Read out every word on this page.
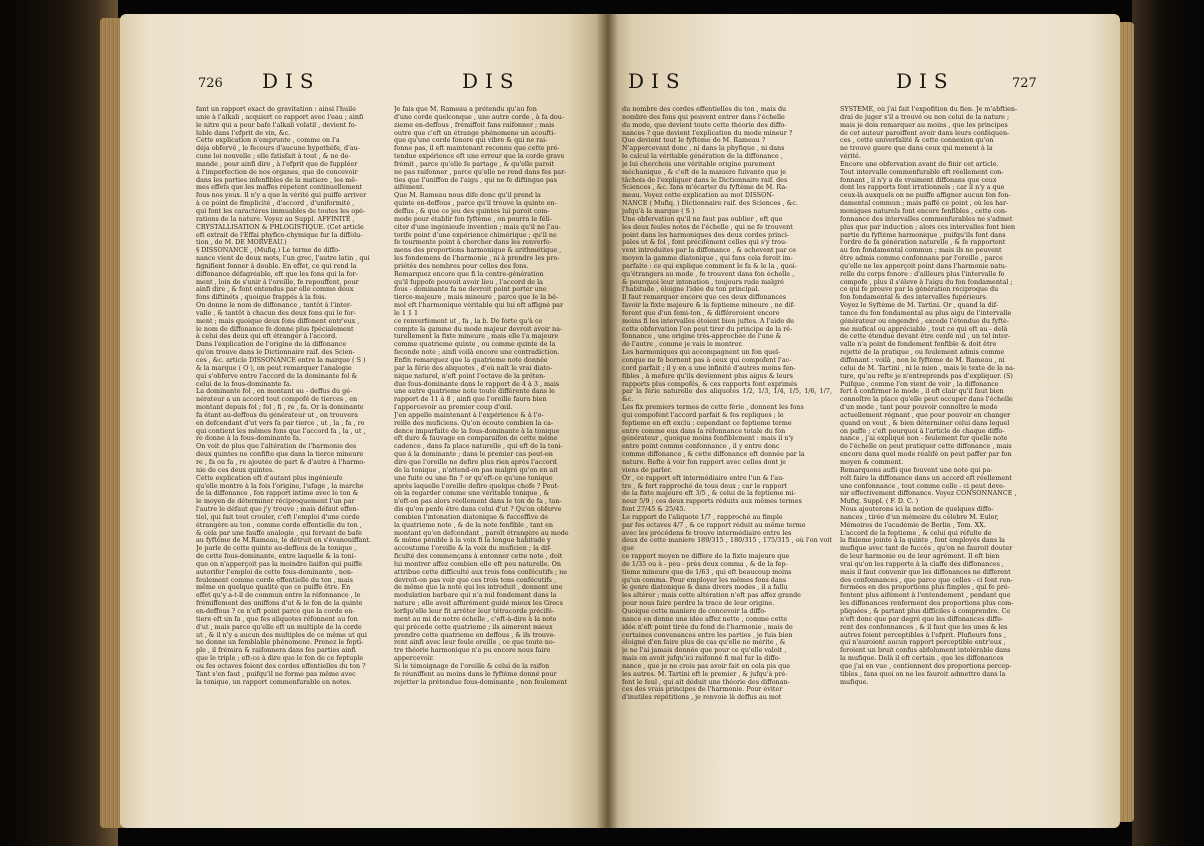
726 DIS	DIS
fant un rapport exact de gravitation : ainsi l'huile
unie à l'alkali , acquiert ce rapport avec l'eau ; ainfi
le nitre qui a pour bafe l'alkali volatil , devient fo-
luble dans l'efprit de vin, &c.
Cette explication n'emprunte , comme on l'a
déja obfervé , le fecours d'aucune hypothèfe, d'au-
cune loi nouvelle ; elle fatisfait à tout , & ne de-
mande , pour ainfi dire , à l'efprit que de fuppléer
à l'imperfection de nos organes, que de concevoir
dans les parties infenfibles de la matiere , les mê-
mes effets que les maffes répetent continuellement
fous nos yeux. Il n'y a que la vérité qui puiffe arriver
à ce point de fimplicité , d'accord , d'uniformité ,
qui font les caractères immuables de toutes les opé-
rations de la nature. Voyez au Suppl. AFFINITÉ ,
CRYSTALLISATION & PHLOGISTIQUE. (Cet article
eft extrait de l'Effai phyfico-chymique fur la diffolu-
tion , de M. DE MORVEAU.)
§ DISSONANCE , (Mufiq.) Le terme de diffo-
nance vient de deux mots, l'un grec, l'autre latin , qui
fignifient fonner à double. En effet, ce qui rend la
diffonance défagréable, eft que les fons qui la for-
ment , loin de s'unir à l'oreille, fe repouffent, pour
ainfi dire , & font entendus par elle comme deux
fons diftinéts , quoique frappés à la fois.
On donne le nom de diffonance , tantôt à l'inter-
valle , & tantôt à chacun des deux fons qui le for-
ment ; mais quoique deux fons diffonent entr'eux ,
le nom de diffonance fe donne plus fpécialement
à celui des deux qui eft étranger à l'accord.
Dans l'explication de l'origine de la diffonance
qu'on trouve dans le Dictionnaire raif. des Scien-
ces , &c. article DISSONANCE entre la marque ( S )
& la marque ( O ), on peut remarquer l'analogie
qui s'obferve entre l'accord de la dominante fol &
celui de la fous-dominante fa.
La dominante fol , en montant au - deffus du gé-
nérateur a un accord tout compofé de tierces , en
montant depuis fol ; fol , fi , re , fa. Or la dominante
fa étant au-deffous du générateur ut , on trouvera
en defcendant d'ut vers fa par tierce , ut , la , fa , re
qui contient les mêmes fons que l'accord fa , la , ut ,
re donne à la fous-dominante fa.
On voit de plus que l'altération de l'harmonie des
deux quintes ne confifte que dans la tierce mineure
re , fa ou fa , re ajoutée de part & d'autre à l'harmo-
nie de ces deux quintes.
Cette explication eft d'autant plus ingénieufe
qu'elle montre à la fois l'origine, l'ufage , la marche
de la diffonance , fon rapport intime avec le ton &
le moyen de déterminer réciproquement l'un par
l'autre le défaut que j'y trouve ; mais défaut effen-
tiel, qui fait tout crouler, c'eft l'emploi d'une corde
étrangère au ton , comme corde effentielle du ton ,
& cela par une fauffe analogie , qui fervant de bafe
au fyftème de M.Rameau, le détruit en s'évanouiffant.
Je parle de cette quinte au-deffous de la tonique ,
de cette fous-dominante, entre laquelle & la toni-
que on n'apperçoit pas la moindre liaifon qui puiffe
autorifer l'emploi de cette fous-dominante , non-
feulement comme corde effentielle du ton , mais
même en quelque qualité que ce puiffe être. En
effet qu'y a-t-il de commun entre la réfonnance , le
frémiffement des uniffons d'ut & le fon de la quinte
en-deffous ? ce n'eft point parce que la corde en-
tiere eft un fa , que fes aliquotes réfonnent au fon
d'ut , mais parce qu'elle eft un multiple de la corde
ut , & il n'y a aucun des multiples de ce même ut qui
ne donne un femblable phénomene. Prenez le fepti-
ple , il frémira & raifonnera dans fes parties ainfi
que le triple ; eft-ce à dire que le fon de ce feptuple
ou fes octaves foient des cordes effentielles du ton ?
Tant s'en faut , puifqu'il ne forme pas même avec
la tonique, un rapport commenfurable en notes.
Je fais que M. Rameau a prétendu qu'au fon
d'une corde quelconque , une autre corde , à fa dou-
zieme en-deffous , frémiffoit fans raifonner ; mais
outre que c'eft un étrange phénomene un acoufti-
que qu'une corde fonore qui vibre & qui ne rai-
fonne pas, il eft maintenant reconnu que cette pré-
tendue expérience eft une erreur que la corde grave
frémit , parce qu'elle fe partage , & qu'elle paroit
ne pas raifonner , parce qu'elle ne rend dans fes par-
ties que l'uniffon de l'aigu , qui ne fe diftingue pas
aifément.
Que M. Rameau nous dife donc qu'il prend la
quinte en-deffous , parce qu'il trouve la quinte en-
deffus , & que ce jeu des quintes lui paroit com-
mode pour établir fon fyftème , on pourra le félí-
citer d'une ingénieufe invention ; mais qu'il ne l'au-
torife point d'une expérience chimérique ; qu'il ne
fe tourmente point à chercher dans les renverfe-
mens des proportions harmonique & arithmétique ,
les fondemens de l'harmonie , ni à prendre les pro-
priétés des nombres pour celles des fons.
Remarquez encore que fi la contre-génération
qu'il fuppofe pouvoit avoir lieu , l'accord de la
fous - dominante fa ne devroit point porter une
tierce-majeure , mais mineure , parce que le la bé-
mol eft l'harmonique véritable qui lui eft affigné par
le 1 1 1
ce renverfement ut , fa , la b. De forte qu'à ce
compte la gamme du mode majeur devroit avoir na-
turellement la fixte mineure , mais elle l'a majeure
comme quatrieme quinte , ou comme quinte de la
feconde note ; ainfi voilà encore une contradiction.
Enfin remarquez que la quatrieme note donnée
par la férie des aliquotes , d'où naît le vrai diato-
nique naturel, n'eft point l'octave de la préten-
due fous-dominante dans le rapport de 4 à 3 , mais
une autre quatrieme note toute différente dans le
rapport de 11 à 8 , ainfi que l'oreille faura bien
l'appercevoir au premier coup d'œil.
J'en appelle maintenant à l'expérience & à l'o-
reille des muficiens. Qu'on écoute combien la ca-
dence imparfaite de la fous-dominante à la tonique
eft dure & fauvage en comparaifon de cette même
cadence , dans fa place naturelle , qui eft de la toni-
que à la dominante ; dans le premier cas peut-on
dire que l'oreille ne defire plus rien après l'accord
de la tonique , n'attend-on pas malgré qu'on en ait
une fuite ou une fin ? or qu'eft-ce qu'une tonique
après laquelle l'oreille defire quelque chofe ? Peut-
on la regarder comme une véritable tonique , &
n'eft-on pas alors réellement dans le ton de fa , tan-
dis qu'on penfe être dans celui d'ut ? Qu'on obferve
combien l'intonation diatonique & fucceffive de
la quatrieme note , & de la note fenfible , tant en
montant qu'en defcendant , paroît étrangère au mode
& même pénible à la voix fi la longue habitude y
accoutume l'oreille & la voix du muficien ; la dif-
ficulté des commençans à entonner cette note , doit
lui montrer affez combien elle eft peu naturelle. On
attribue cette difficulté aux trois fons confécutifs ; ne
devroit-on pas voir que ces trois tons confécutifs ,
de même que la note qui les introduit , donnent une
modulation barbare qui n'a nul fondement dans la
nature ; elle avoit affurément guidé mieux les Grecs
lorfqu'elle leur fit arrêter leur tétracorde précifé-
ment au mi de notre échelle , c'eft-à-dire à la note
qui précede cette quatrieme ; ils aimerent mieux
prendre cette quatrieme en deffous , & ils trouve-
rent ainfi avec leur feule oreille , ce que toute no-
tre théorie harmonique n'a pu encore nous faire
appercevoir.
Si le témoignage de l'oreille & celui de la raifon
fe réuniffent au moins dans le fyftème donné pour
rejetter la prétendue fous-dominante , non feulement
DIS	DIS	727
du nombre des cordes effentielles du ton , mais du
nombre des fons qui peuvent entrer dans l'échelle
du mode, que devient toute cette théorie des diffo-
nances ? que devient l'explication du mode mineur ?
Que devient tout le fyftème de M. Rameau ?
N'appercevant donc , ni dans la phyfique , ni dans
le calcul la véritable génération de la diffonance ,
je lui cherchois une véritable origine purement
méchanique , & c'eft de la maniere fuivante que je
tâchois de l'expliquer dans le Dictionnaire raif. des
Sciences , &c. fans m'écarter du fyftème de M. Ra-
meau. Voyez cette explication au mot DISSON-
NANCE ( Mufiq. ) Dictionnaire raif. des Sciences , &c.
jufqu'à la marque ( S )
Une obfervation qu'il ne faut pas oublier , eft que
les deux feules notes de l'échelle , qui ne fe trouvent
point dans les harmoniques des deux cordes princi-
pales ut & fol , font précifément celles qui s'y trou-
vent introduites par la diffonance , & achevent par ce
moyen la gamme diatonique , qui fans cela feroit im-
parfaite : ce qui explique comment le fa & le la , quoi-
qu'étrangers au mode , fe trouvent dans fon échelle ,
& pourquoi leur intonation , toujours rude malgré
l'habitude , éloigne l'idée du ton principal.
Il faut remarquer encore que ces deux diffonances
favoir la fixte majeure & la feptieme mineure , ne dif-
ferent que d'un femi-ton , & différeroient encore
moins fi les intervalles étoient bien juftes. A l'aide de
cette obfervation l'on peut tirer du principe de la ré-
fonnance , une origine très-approchée de l'une &
de l'autre , comme je vais le montrer.
Les harmoniques qui accompagnent un fon quel-
conque ne fe bornent pas à ceux qui compofent l'ac-
cord parfait ; il y en a une infinité d'autres moins fen-
fibles , à mefure qu'ils deviennent plus aigus & leurs
rapports plus compofés, & ces rapports font exprimés
par la férie naturelle des aliquotes 1/2, 1/3, 1/4, 1/5, 1/6, 1/7, &c.
Les fix premiers termes de cette férie , donnent les fons
qui compofent l'accord parfait & fes repliques ; le
feptieme en eft exclu : cependant ce feptieme terme
entre comme eux dans la réfonnance totale du fon
générateur , quoique moins fenfiblement : mais il n'y
entre point comme confonnance , il y entre donc
comme diffonance , & cette diffonance eft donnée par la
nature. Refte à voir fon rapport avec celles dont je
viens de parler.
Or , ce rapport eft intermédiaire entre l'un & l'au-
tre , & fort rapproché de tous deux ; car le rapport
de la fixte majeure eft 3/5 , & celui de la feptieme mi-
neur 5/9 ; ces deux rapports réduits aux mêmes termes
font 27/45 & 25/45.
Le rapport de l'aliquote 1/7 , rapproché au fimple
par fes octaves 4/7 , & ce rapport réduit au même terme
avec les précédens fe trouve intermédiaire entre les
deux de cette maniere 189/315 , 180/315 , 175/315 , où l'on voit que
ce rapport moyen ne differe de la fixte majeure que
de 1/35 ou à - peu - près deux comma , & de la fep-
tieme mineure que de 1/63 , qui eft beaucoup moins
qu'un comma. Pour employer les mêmes fons dans
le genre diatonique & dans divers modes , il a fallu
les altérer ; mais cette altération n'eft pas affez grande
pour nous faire perdre la trace de leur origine.
Quoique cette maniere de concevoir la diffo-
nance en donne une idée affez nette , comme cette
idée n'eft point tirée du fond de l'harmonie , mais de
certaines convenances entre les parties , je fuis bien
éloigné d'en faire plus de cas qu'elle ne mérite , &
je ne l'ai jamais donnée que pour ce qu'elle valoit ,
mais on avoit jufqu'ici raifonné fi mal fur la diffo-
nance , que je ne crois pas avoir fait en cela pis que
les autres. M. Tartini eft le premier , & jufqu'à pré-
fent le feul , qui ait déduit une théorie des diffonan-
ces des vrais principes de l'harmonie. Pour éviter
d'inutiles répétitions , je renvoie là deffus au mot
SYSTÊME, où j'ai fait l'expofition du fien. Je m'abftien-
drai de juger s'il a trouvé ou non celui de la nature ;
mais je dois remarquer au moins , que les principes
de cet auteur paroiffent avoir dans leurs conféquen-
ces , cette univerfalité & cette connexion qu'on
ne trouve guere que dans ceux qui menent à la
vérité.
Encore une obfervation avant de finir cet article.
Tout intervalle commenfurable eft réellement con-
fonnant , il n'y a de vraiment diffonans que ceux
dont les rapports font irrationnels ; car il n'y a que
ceux-là auxquels on ne puiffe affigner aucun fon fon-
damental commun ; mais paffé ce point , où les har-
moniques naturels font encore fenfibles , cette con-
fonnance des intervalles commenfurables ne s'admet
plus que par induction ; alors ces intervalles font bien
partie du fyftème harmonique , puifqu'ils font dans
l'ordre de fa génération naturelle , & fe rapportent
au fon fondamental commun ; mais ils ne peuvent
être admis comme confonnans par l'oreille , parce
qu'elle ne les apperçoit point dans l'harmonie natu-
relle du corps fonore : d'ailleurs plus l'intervalle fe
compofe , plus il s'éleve à l'aigu du fon fondamental ;
ce qui fe prouve par la génération réciproque du
fon fondamental & des intervalles fupérieurs.
Voyez le Syftème de M. Tartini. Or , quand la dif-
tance du fon fondamental au plus aigu de l'intervalle
générateur ou engendré , excede l'étendue du fyftè-
me mufical ou appréciable , tout ce qui eft au - delà
de cette étendue devant être cenfé nul , un tel inter-
valle n'a point de fondement fenfible & doit être
rejetté de la pratique , ou feulement admis comme
diffonant : voilà , non le fyftème de M. Rameau , ni
celui de M. Tartini , ni le mien , mais le texte de la na-
ture, qu'au refte je n'entreprends pas d'expliquer. (S)
Puifque , comme l'on vient de voir , la diffonance
fert à confirmer le mode , il eft clair qu'il faut bien
connoître la place qu'elle peut occuper dans l'échelle
d'un mode , tant pour pouvoir connoître le mode
actuellement régnant , que pour pouvoir en changer
quand on veut , & bien déterminer celui dans lequel
on paffe ; c'eft pourquoi à l'article de chaque diffo-
nance , j'ai expliqué non - feulement fur quelle note
de l'échelle on peut pratiquer cette diffonance , mais
encore dans quel mode réalifé on peut paffer par fon
moyen & comment.
Remarquons aufli que fouvent une note qui pa-
roît faire la diffonance dans un accord eft réellement
une confonnance , tout comme celle - ci peut deve-
nir effectivement diffonance. Voyez CONSONNANCE ,
Mufiq. Suppl. ( F. D. C. )
Nous ajouterons ici la notion de quelques diffo-
nances , tirée d'un mémoire du célebre M. Euler,
Mémoires de l'académie de Berlin , Tom. XX.
L'accord de la feptieme , & celui qui réfulte de
la fixieme jointe à la quinte , font employés dans la
mufique avec tant de fuccès , qu'on ne fauroit douter
de leur harmonie ou de leur agrément. Il eft bien
vrai qu'on les rapporte à la claffe des diffonances ,
mais il faut convenir que les diffonances ne different
des confonnances , que parce que celles - ci font ren-
fermées en des proportions plus fimples , qui fe pré-
fentent plus aifément à l'entendement , pendant que
les diffonances renferment des proportions plus com-
pliquées , & partant plus difficiles à comprendre. Ce
n'eft donc que par degré que les diffonances diffe-
rent des confonnances , & il faut que les unes & les
autres foient perceptibles à l'efprit. Plufieurs fons ,
qui n'auroient aucun rapport perceptible entr'eux ,
feroient un bruit confus abfolument intolérable dans
la mufique. Delà il eft certain , que les diffonances
que j'ai en vue , contiennent des proportions percep-
tibles , fans quoi on ne les fauroit admettre dans la
mufique.
